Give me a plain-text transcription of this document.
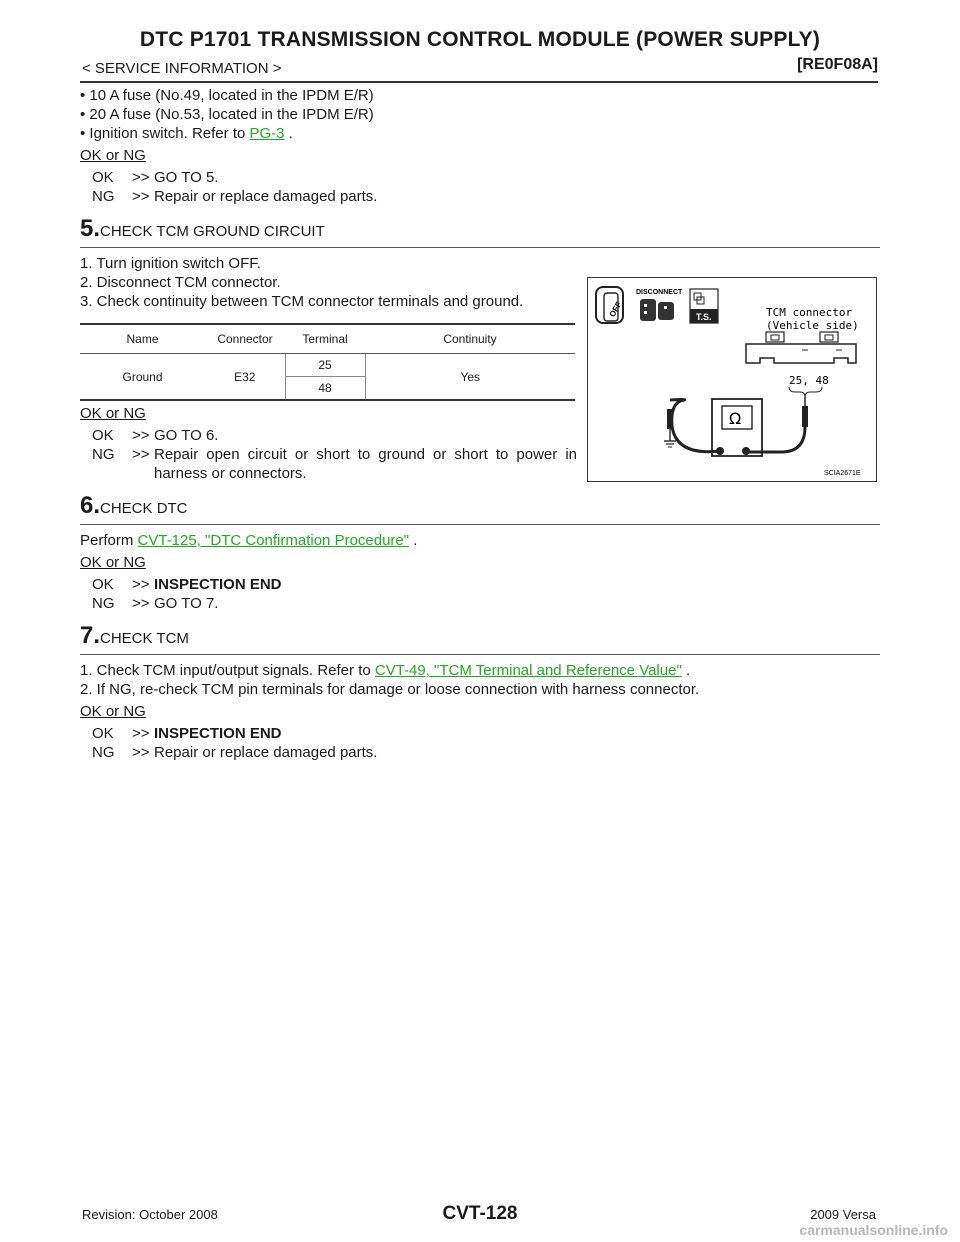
DTC P1701 TRANSMISSION CONTROL MODULE (POWER SUPPLY)
< SERVICE INFORMATION >	[RE0F08A]
• 10 A fuse (No.49, located in the IPDM E/R)
• 20 A fuse (No.53, located in the IPDM E/R)
• Ignition switch. Refer to PG-3 .
OK or NG
OK	>> GO TO 5.
NG	>> Repair or replace damaged parts.
5.CHECK TCM GROUND CIRCUIT
1. Turn ignition switch OFF.
2. Disconnect TCM connector.
3. Check continuity between TCM connector terminals and ground.
Name	Connector	Terminal	Continuity
Ground	E32	25	Yes
		48	
OK or NG
OK	>> GO TO 6.
NG	>> Repair open circuit or short to ground or short to power in harness or connectors.
6.CHECK DTC
Perform CVT-125, "DTC Confirmation Procedure" .
OK or NG
OK	>> INSPECTION END
NG	>> GO TO 7.
7.CHECK TCM
1. Check TCM input/output signals. Refer to CVT-49, "TCM Terminal and Reference Value" .
2. If NG, re-check TCM pin terminals for damage or loose connection with harness connector.
OK or NG
OK	>> INSPECTION END
NG	>> Repair or replace damaged parts.
OFF
DISCONNECT
T.S.	TCM connector
(Vehicle side)
25, 48
Ω
SCIA2671E
Revision: October 2008	CVT-128	2009 Versa
carmanualsonline.info
